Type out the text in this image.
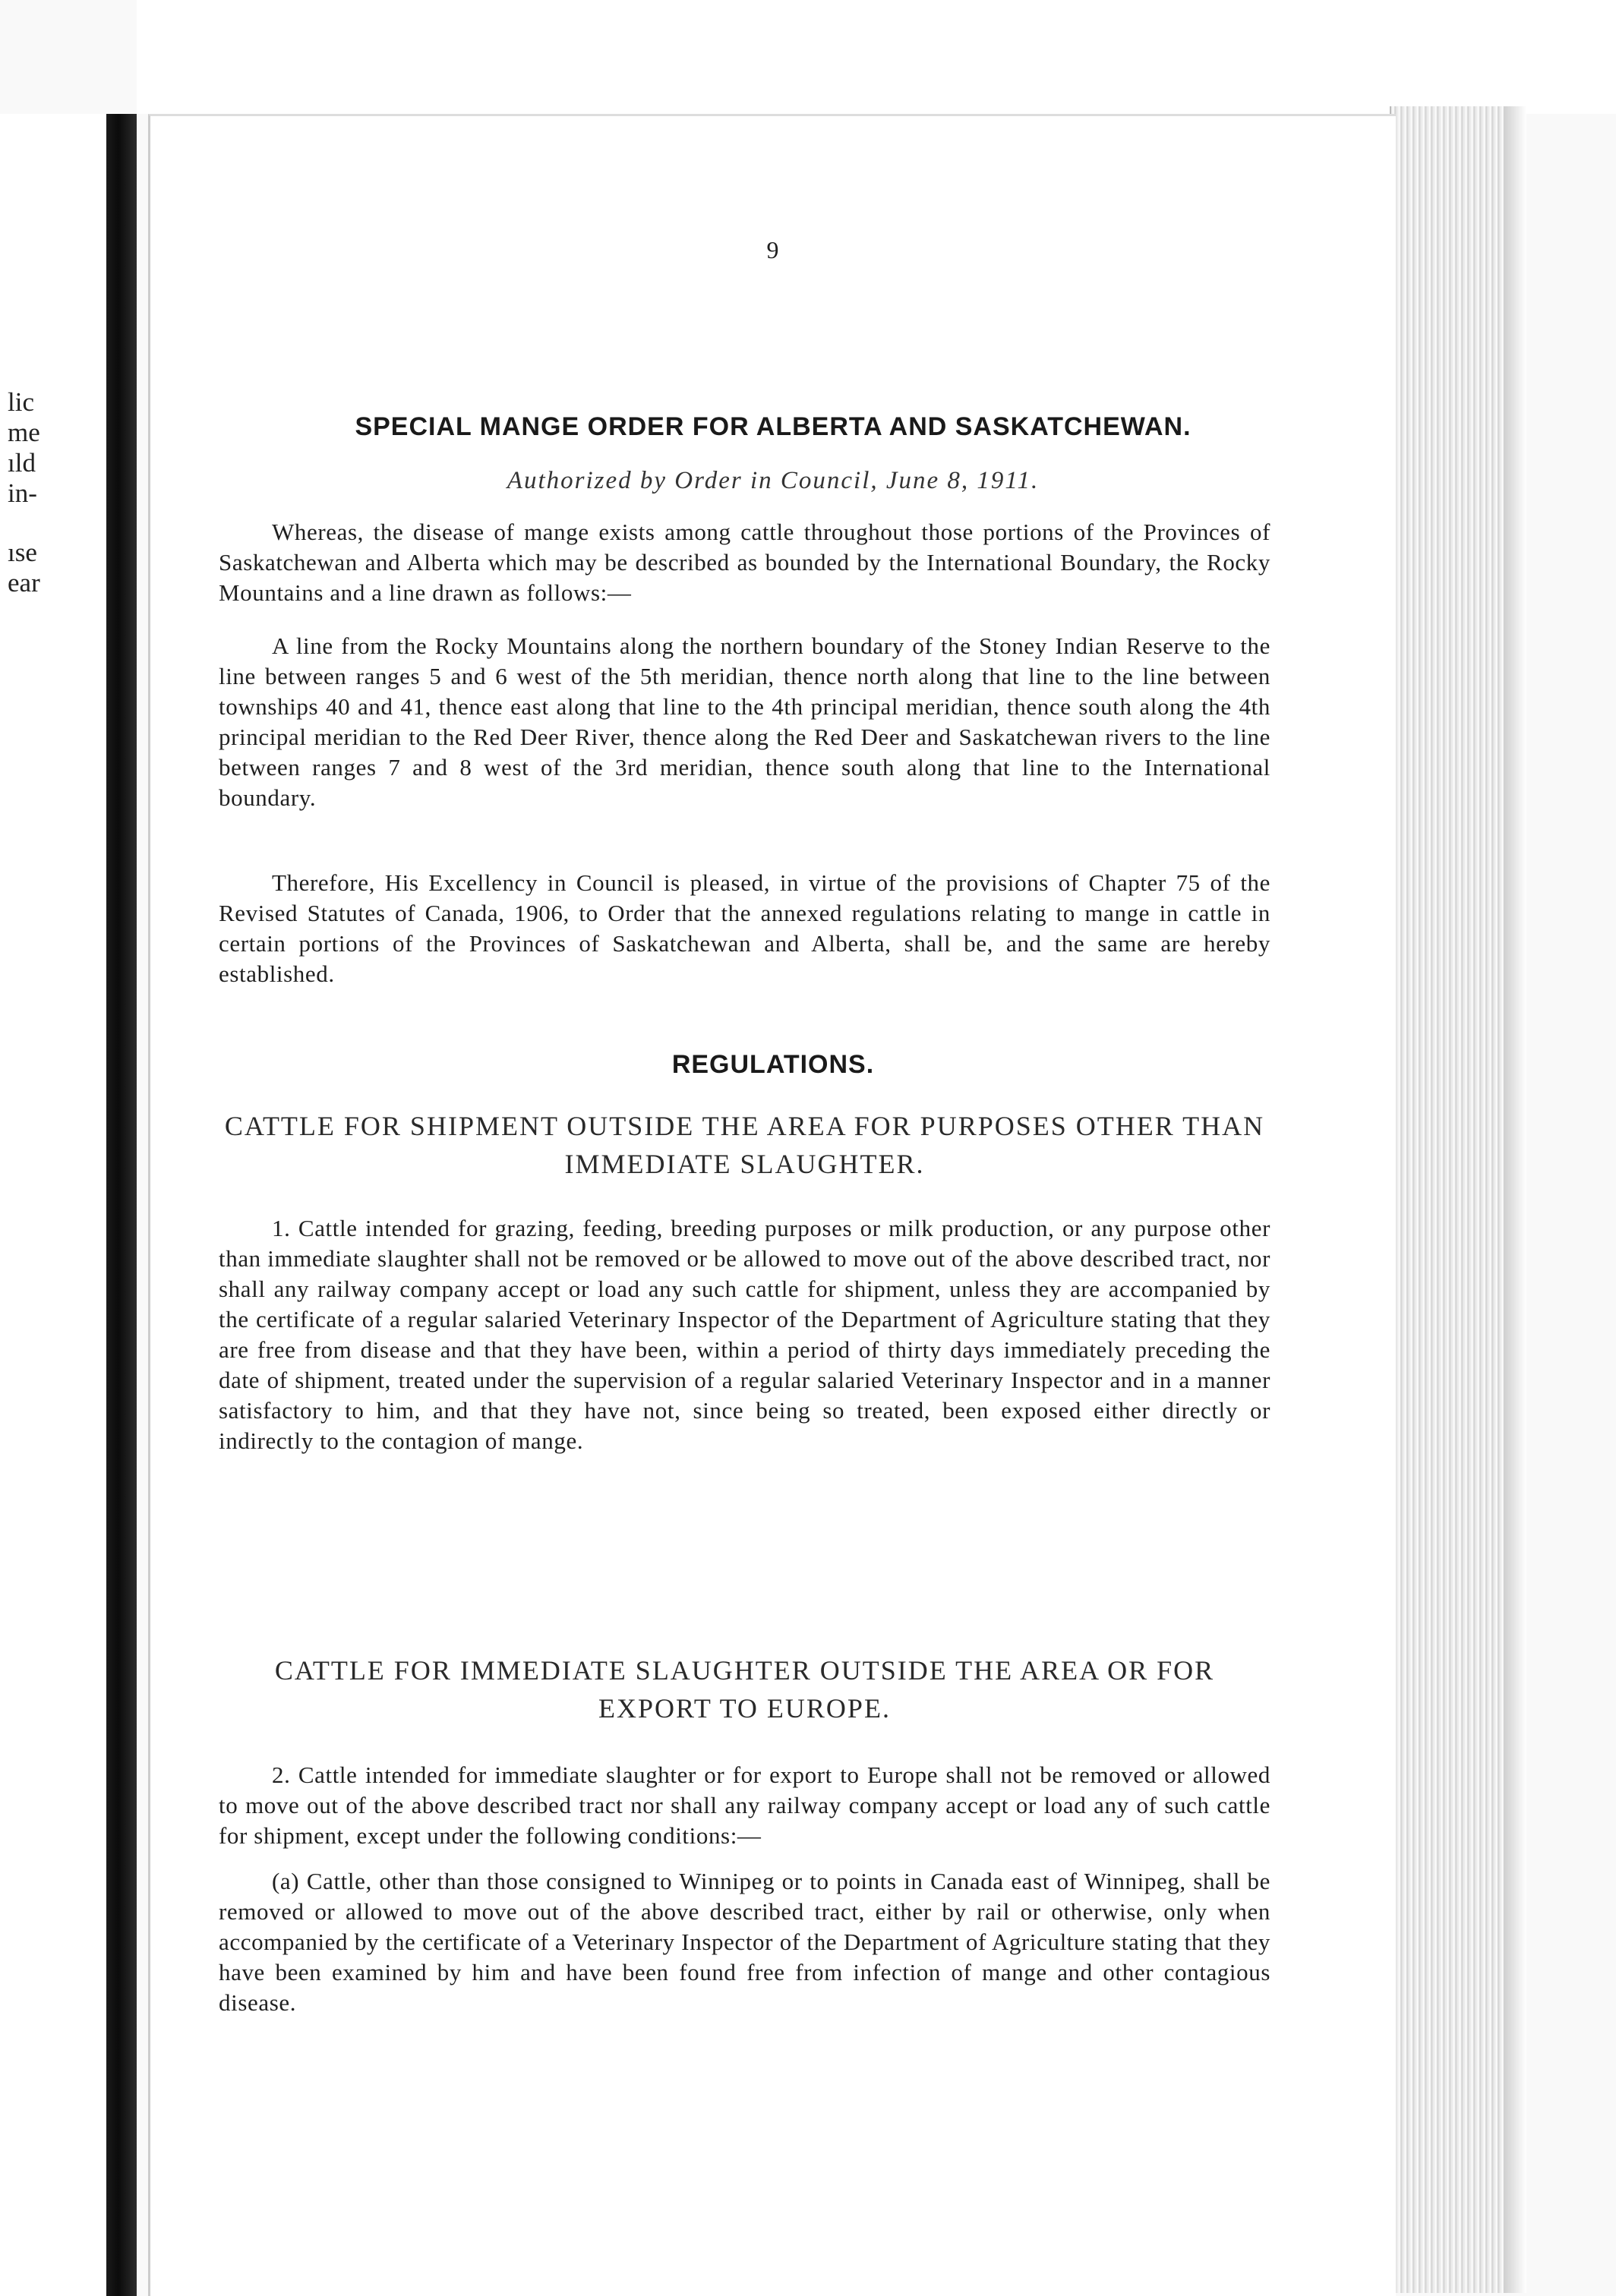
lic
me
ıld
in-
ıse
ear
9
SPECIAL MANGE ORDER FOR ALBERTA AND SASKATCHEWAN.
Authorized by Order in Council, June 8, 1911.

Whereas, the disease of mange exists among cattle throughout those portions of the Provinces of Saskatchewan and Alberta which may be described as bounded by the International Boundary, the Rocky Mountains and a line drawn as follows:—

A line from the Rocky Mountains along the northern boundary of the Stoney Indian Reserve to the line between ranges 5 and 6 west of the 5th meridian, thence north along that line to the line between townships 40 and 41, thence east along that line to the 4th principal meridian, thence south along the 4th principal meridian to the Red Deer River, thence along the Red Deer and Saskatchewan rivers to the line between ranges 7 and 8 west of the 3rd meridian, thence south along that line to the International boundary.

Therefore, His Excellency in Council is pleased, in virtue of the provisions of Chapter 75 of the Revised Statutes of Canada, 1906, to Order that the annexed regulations relating to mange in cattle in certain portions of the Provinces of Saskatchewan and Alberta, shall be, and the same are hereby established.

REGULATIONS.

CATTLE FOR SHIPMENT OUTSIDE THE AREA FOR PURPOSES OTHER THAN IMMEDIATE SLAUGHTER.

1. Cattle intended for grazing, feeding, breeding purposes or milk production, or any purpose other than immediate slaughter shall not be removed or be allowed to move out of the above described tract, nor shall any railway company accept or load any such cattle for shipment, unless they are accompanied by the certificate of a regular salaried Veterinary Inspector of the Department of Agriculture stating that they are free from disease and that they have been, within a period of thirty days immediately preceding the date of shipment, treated under the supervision of a regular salaried Veterinary Inspector and in a manner satisfactory to him, and that they have not, since being so treated, been exposed either directly or indirectly to the contagion of mange.

CATTLE FOR IMMEDIATE SLAUGHTER OUTSIDE THE AREA OR FOR EXPORT TO EUROPE.

2. Cattle intended for immediate slaughter or for export to Europe shall not be removed or allowed to move out of the above described tract nor shall any railway company accept or load any of such cattle for shipment, except under the following conditions:—

(a) Cattle, other than those consigned to Winnipeg or to points in Canada east of Winnipeg, shall be removed or allowed to move out of the above described tract, either by rail or otherwise, only when accompanied by the certificate of a Veterinary Inspector of the Department of Agriculture stating that they have been examined by him and have been found free from infection of mange and other contagious disease.
